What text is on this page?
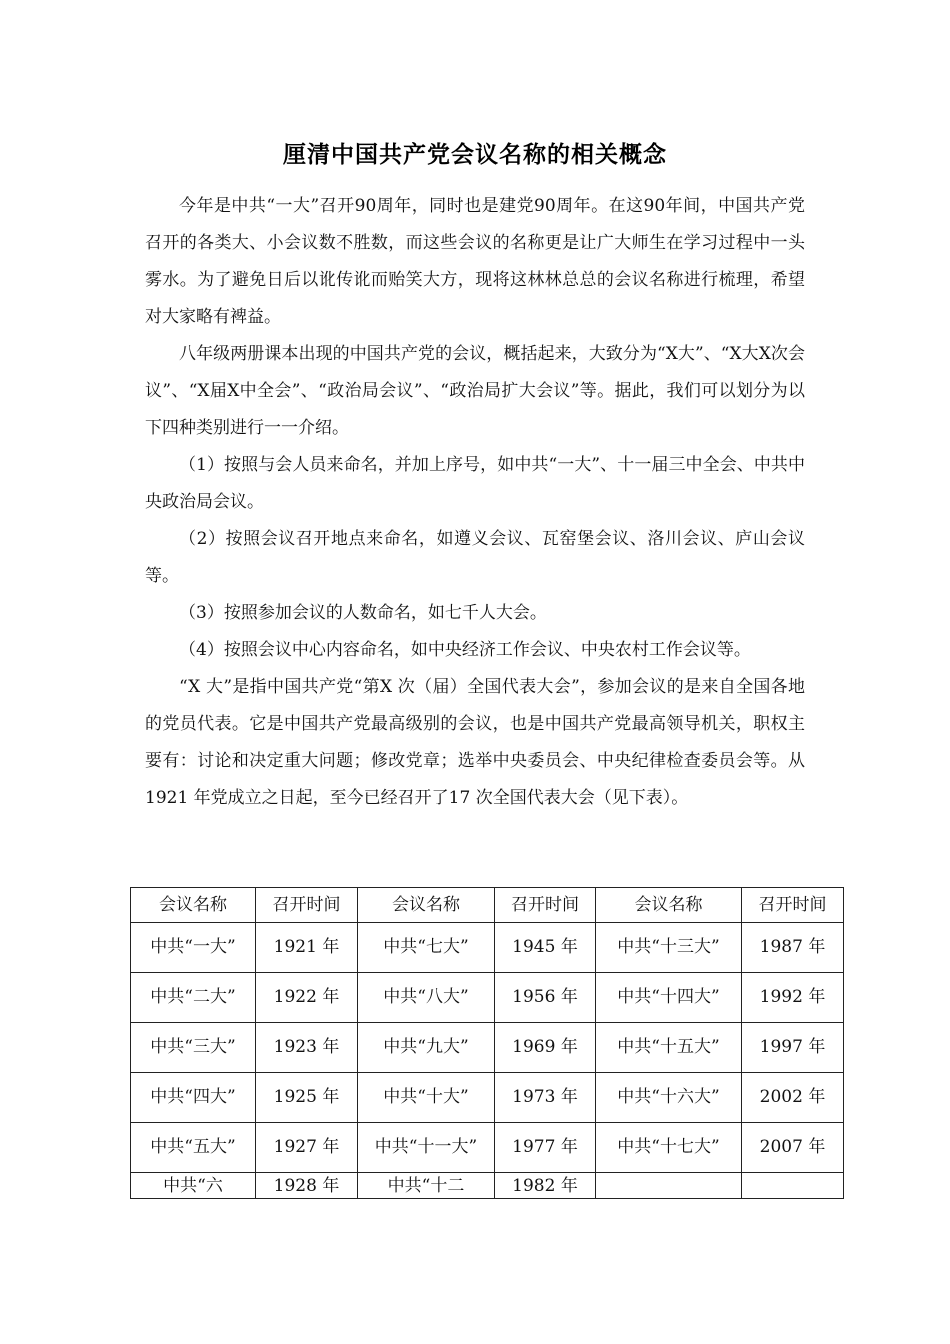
厘清中国共产党会议名称的相关概念

今年是中共“一大”召开90周年，同时也是建党90周年。在这90年间，中国共产党召开的各类大、小会议数不胜数，而这些会议的名称更是让广大师生在学习过程中一头雾水。为了避免日后以讹传讹而贻笑大方，现将这林林总总的会议名称进行梳理，希望对大家略有裨益。

八年级两册课本出现的中国共产党的会议，概括起来，大致分为“X大”、“X大X次会议”、“X届X中全会”、“政治局会议”、“政治局扩大会议”等。据此，我们可以划分为以下四种类别进行一一介绍。

（1）按照与会人员来命名，并加上序号，如中共“一大”、十一届三中全会、中共中央政治局会议。

（2）按照会议召开地点来命名，如遵义会议、瓦窑堡会议、洛川会议、庐山会议等。

（3）按照参加会议的人数命名，如七千人大会。

（4）按照会议中心内容命名，如中央经济工作会议、中央农村工作会议等。

“X 大”是指中国共产党“第X 次（届）全国代表大会”，参加会议的是来自全国各地的党员代表。它是中国共产党最高级别的会议，也是中国共产党最高领导机关，职权主要有：讨论和决定重大问题；修改党章；选举中央委员会、中央纪律检查委员会等。从1921 年党成立之日起，至今已经召开了17 次全国代表大会（见下表）。

会议名称	召开时间	会议名称	召开时间	会议名称	召开时间
中共“一大”	1921 年	中共“七大”	1945 年	中共“十三大”	1987 年
中共“二大”	1922 年	中共“八大”	1956 年	中共“十四大”	1992 年
中共“三大”	1923 年	中共“九大”	1969 年	中共“十五大”	1997 年
中共“四大”	1925 年	中共“十大”	1973 年	中共“十六大”	2002 年
中共“五大”	1927 年	中共“十一大”	1977 年	中共“十七大”	2007 年
中共“六	1928 年	中共“十二	1982 年		
